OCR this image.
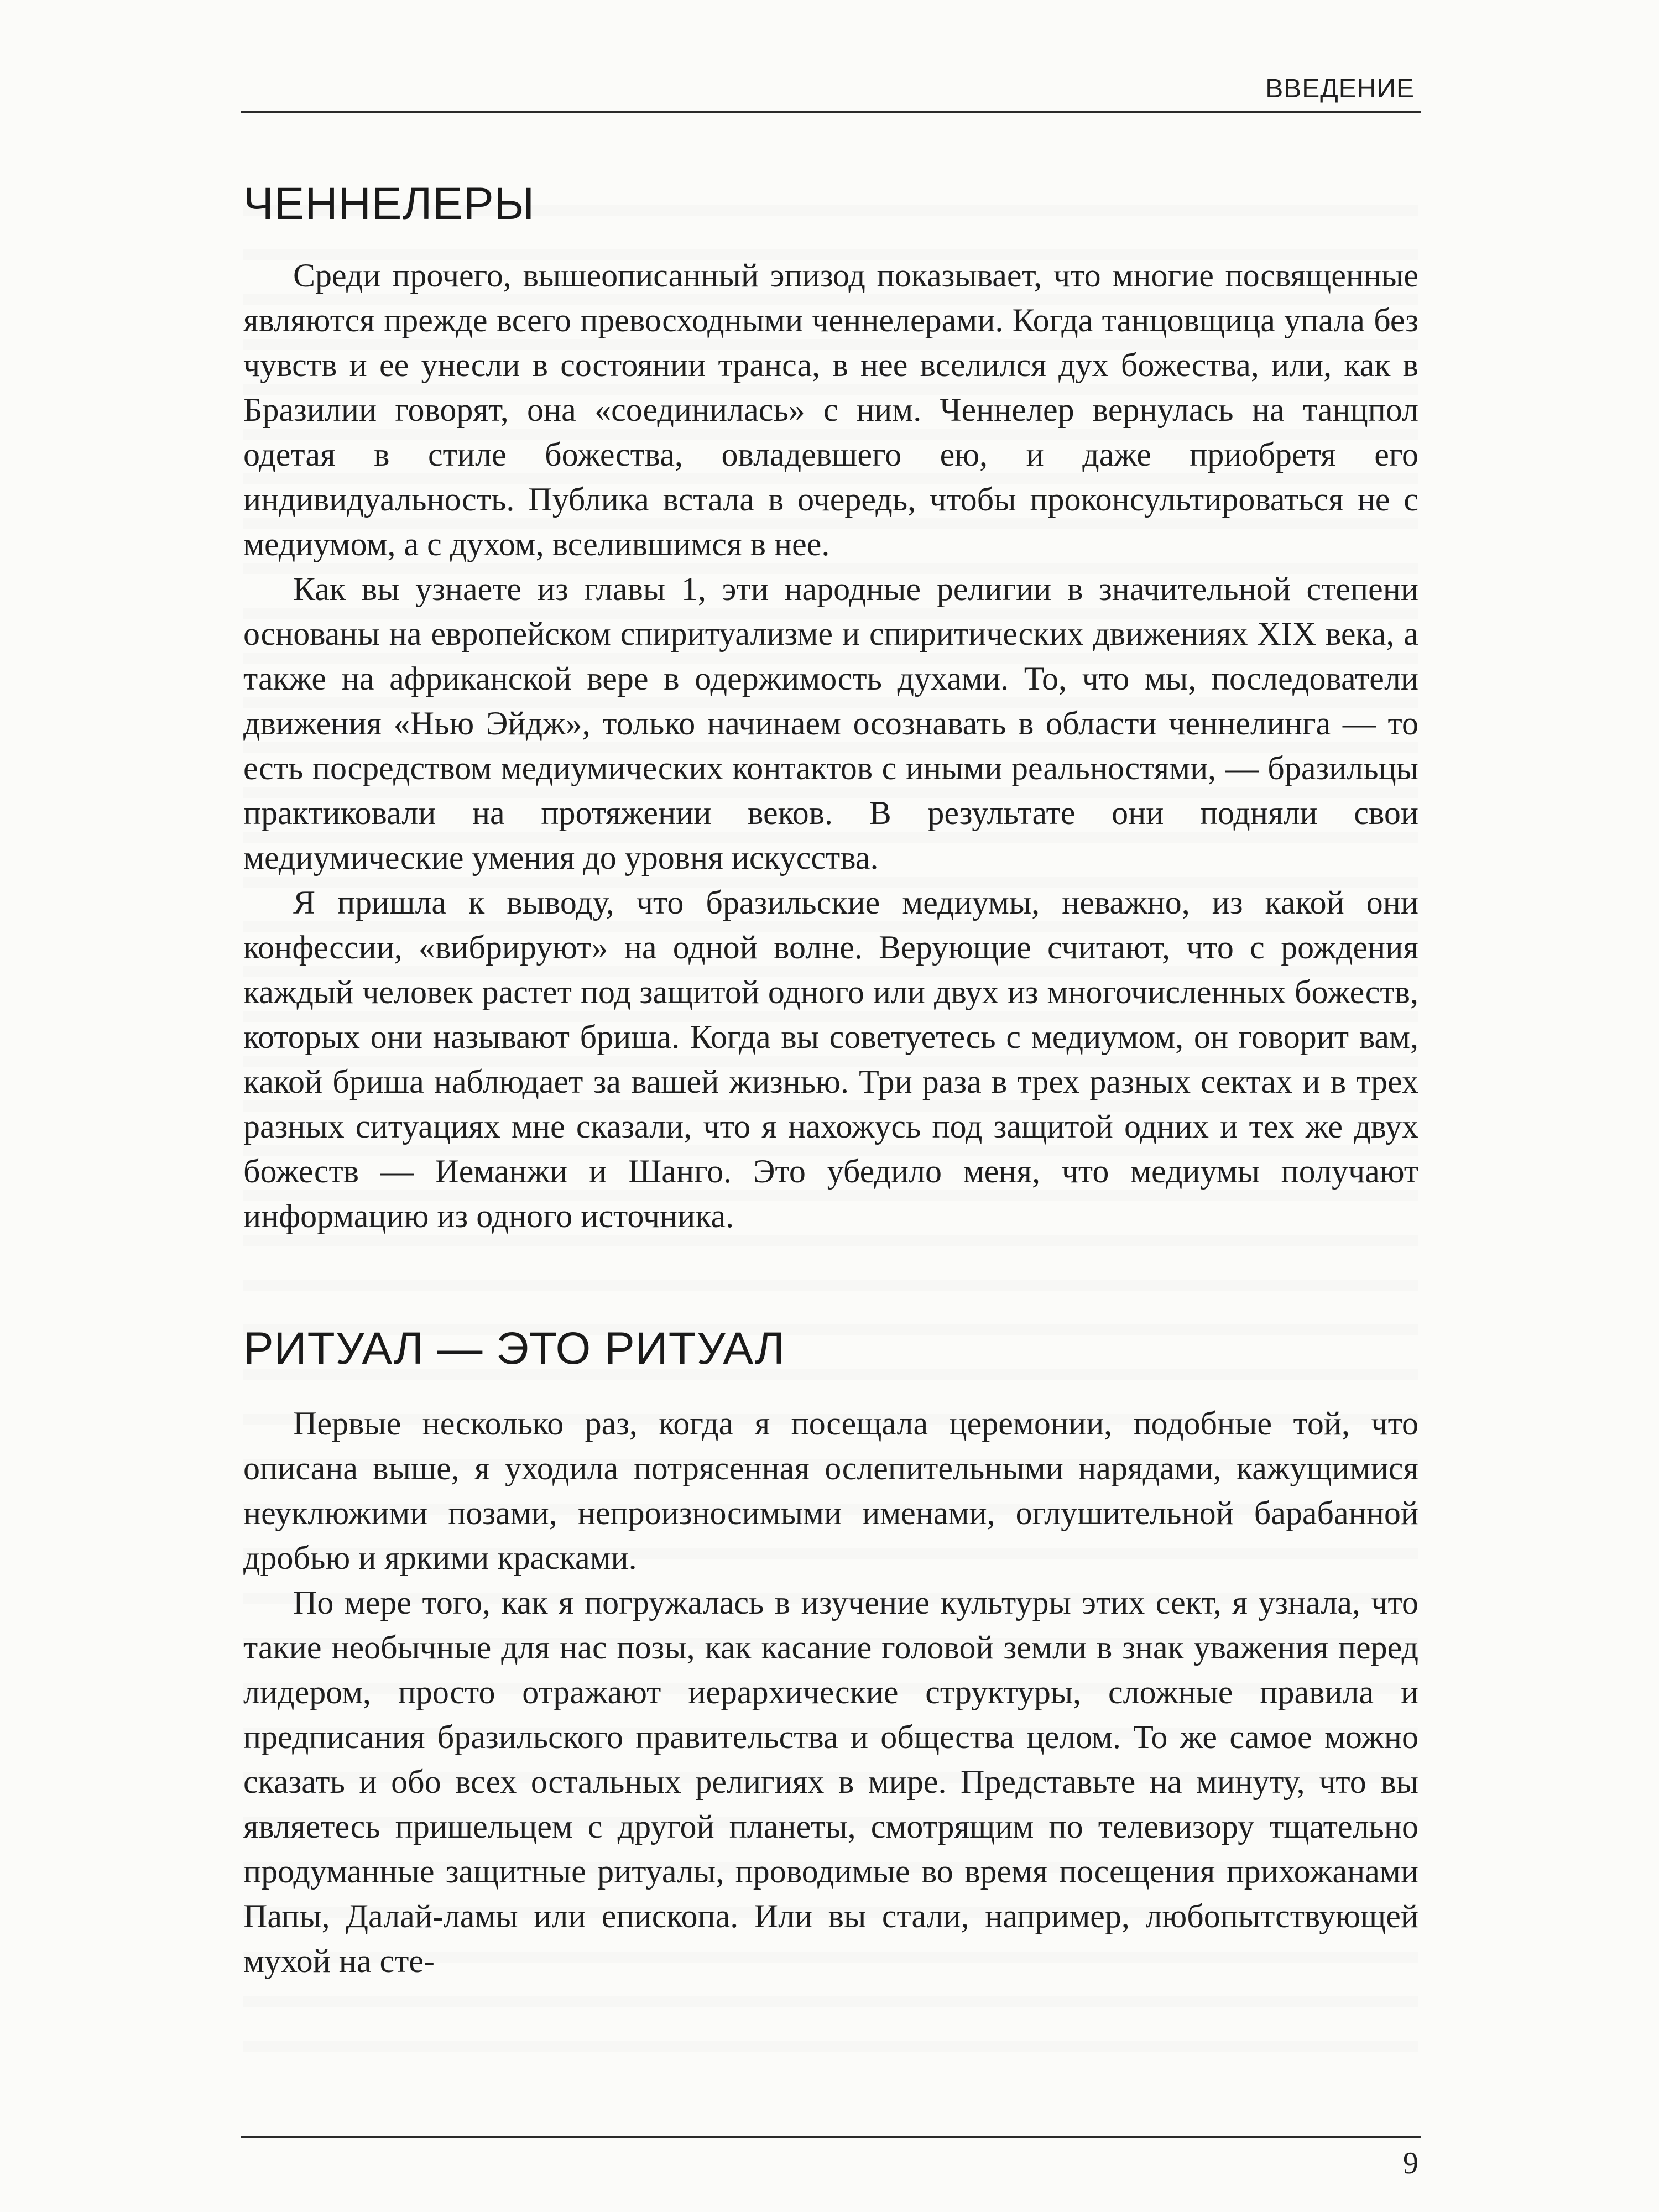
ВВЕДЕНИЕ
ЧЕННЕЛЕРЫ

Среди прочего, вышеописанный эпизод показывает, что многие посвященные являются прежде всего превосходными ченнелерами. Когда танцовщица упала без чувств и ее унесли в состоянии транса, в нее вселился дух божества, или, как в Бразилии говорят, она «соединилась» с ним. Ченнелер вернулась на танцпол одетая в стиле божества, овладевшего ею, и даже приобретя его индивидуальность. Публика встала в очередь, чтобы проконсультироваться не с медиумом, а с духом, вселившимся в нее.

Как вы узнаете из главы 1, эти народные религии в значительной степени основаны на европейском спиритуализме и спиритических движениях XIX века, а также на африканской вере в одержимость духами. То, что мы, последователи движения «Нью Эйдж», только начинаем осознавать в области ченнелинга — то есть посредством медиумических контактов с иными реальностями, — бразильцы практиковали на протяжении веков. В результате они подняли свои медиумические умения до уровня искусства.

Я пришла к выводу, что бразильские медиумы, неважно, из какой они конфессии, «вибрируют» на одной волне. Верующие считают, что с рождения каждый человек растет под защитой одного или двух из многочисленных божеств, которых они называют бриша. Когда вы советуетесь с медиумом, он говорит вам, какой бриша наблюдает за вашей жизнью. Три раза в трех разных сектах и в трех разных ситуациях мне сказали, что я нахожусь под защитой одних и тех же двух божеств — Иеманжи и Шанго. Это убедило меня, что медиумы получают информацию из одного источника.

РИТУАЛ — ЭТО РИТУАЛ

Первые несколько раз, когда я посещала церемонии, подобные той, что описана выше, я уходила потрясенная ослепительными нарядами, кажущимися неуклюжими позами, непроизносимыми именами, оглушительной барабанной дробью и яркими красками.

По мере того, как я погружалась в изучение культуры этих сект, я узнала, что такие необычные для нас позы, как касание головой земли в знак уважения перед лидером, просто отражают иерархические структуры, сложные правила и предписания бразильского правительства и общества целом. То же самое можно сказать и обо всех остальных религиях в мире. Представьте на минуту, что вы являетесь пришельцем с другой планеты, смотрящим по телевизору тщательно продуманные защитные ритуалы, проводимые во время посещения прихожанами Папы, Далай-ламы или епископа. Или вы стали, например, любопытствующей мухой на сте-

9
